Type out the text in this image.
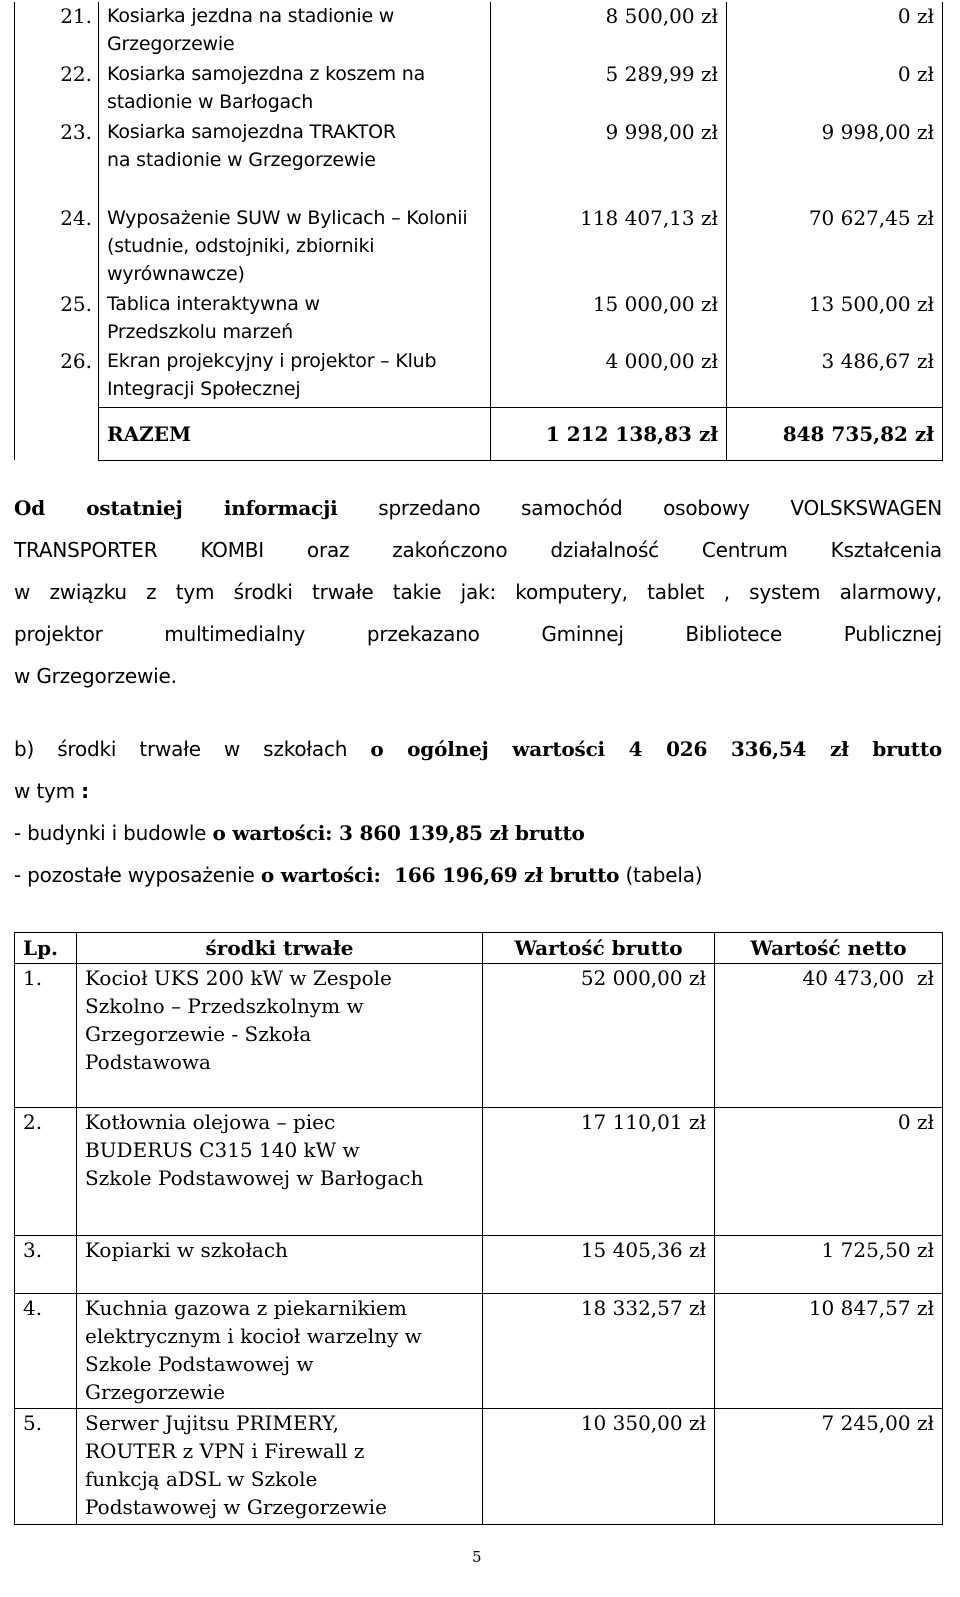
21.	Kosiarka jezdna na stadionie w Grzegorzewie	8 500,00 zł	0 zł
22.	Kosiarka samojezdna z koszem na stadionie w Barłogach	5 289,99 zł	0 zł
23.	Kosiarka samojezdna TRAKTOR na stadionie w Grzegorzewie	9 998,00 zł	9 998,00 zł
24.	Wyposażenie SUW w Bylicach – Kolonii (studnie, odstojniki, zbiorniki wyrównawcze)	118 407,13 zł	70 627,45 zł
25.	Tablica interaktywna w Przedszkolu marzeń	15 000,00 zł	13 500,00 zł
26.	Ekran projekcyjny i projektor – Klub Integracji Społecznej	4 000,00 zł	3 486,67 zł
	RAZEM	1 212 138,83 zł	848 735,82 zł
Od ostatniej informacji sprzedano samochód osobowy VOLSKSWAGEN
TRANSPORTER KOMBI oraz zakończono działalność Centrum Kształcenia
w związku z tym środki trwałe takie jak: komputery, tablet , system alarmowy,
projektor multimedialny przekazano Gminnej Bibliotece Publicznej
w Grzegorzewie.
b) środki trwałe w szkołach o ogólnej wartości 4 026 336,54 zł brutto
w tym :
- budynki i budowle o wartości: 3 860 139,85 zł brutto
- pozostałe wyposażenie o wartości:  166 196,69 zł brutto (tabela)
Lp.	środki trwałe	Wartość brutto	Wartość netto
1.	Kocioł UKS 200 kW w Zespole Szkolno – Przedszkolnym w Grzegorzewie - Szkoła Podstawowa	52 000,00 zł	40 473,00  zł
2.	Kotłownia olejowa – piec BUDERUS C315 140 kW w Szkole Podstawowej w Barłogach	17 110,01 zł	0 zł
3.	Kopiarki w szkołach	15 405,36 zł	1 725,50 zł
4.	Kuchnia gazowa z piekarnikiem elektrycznym i kocioł warzelny w Szkole Podstawowej w Grzegorzewie	18 332,57 zł	10 847,57 zł
5.	Serwer Jujitsu PRIMERY, ROUTER z VPN i Firewall z funkcją aDSL w Szkole Podstawowej w Grzegorzewie	10 350,00 zł	7 245,00 zł
5
